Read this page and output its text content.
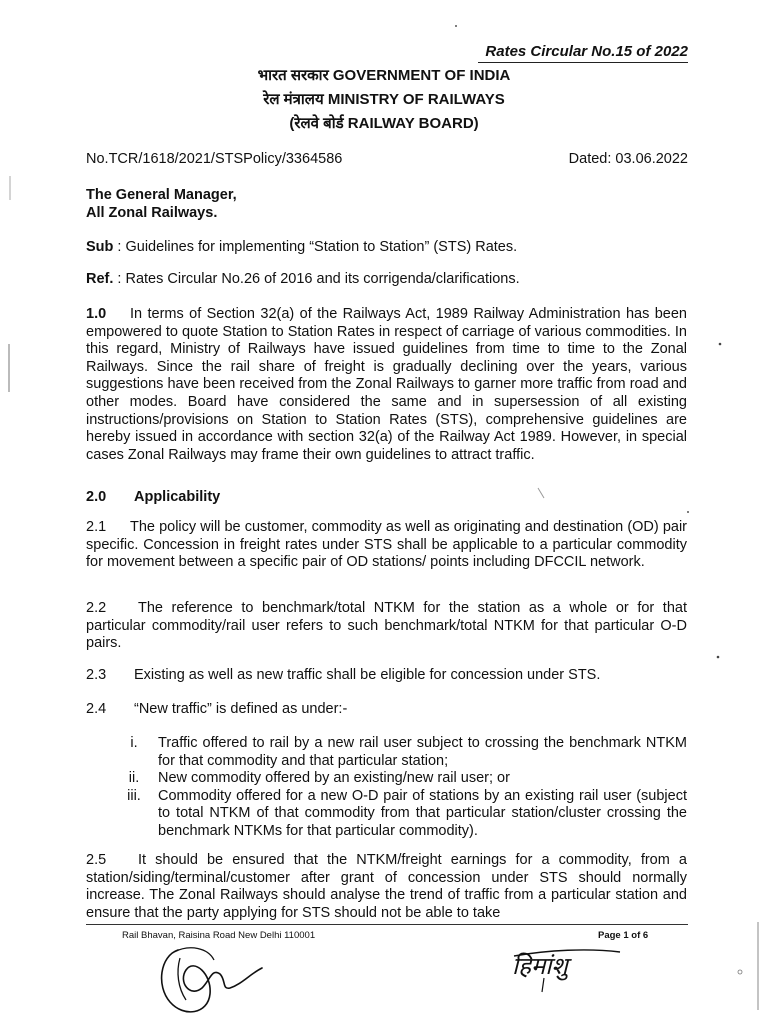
Rates Circular No.15 of 2022
भारत सरकार GOVERNMENT OF INDIA
रेल मंत्रालय MINISTRY OF RAILWAYS
(रेलवे बोर्ड RAILWAY BOARD)
No.TCR/1618/2021/STSPolicy/3364586	Dated: 03.06.2022
The General Manager,
All Zonal Railways.
Sub : Guidelines for implementing “Station to Station” (STS) Rates.
Ref. : Rates Circular No.26 of 2016 and its corrigenda/clarifications.
1.0 In terms of Section 32(a) of the Railways Act, 1989 Railway Administration has been empowered to quote Station to Station Rates in respect of carriage of various commodities. In this regard, Ministry of Railways have issued guidelines from time to time to the Zonal Railways. Since the rail share of freight is gradually declining over the years, various suggestions have been received from the Zonal Railways to garner more traffic from road and other modes. Board have considered the same and in supersession of all existing instructions/provisions on Station to Station Rates (STS), comprehensive guidelines are hereby issued in accordance with section 32(a) of the Railway Act 1989. However, in special cases Zonal Railways may frame their own guidelines to attract traffic.
2.0 Applicability
2.1 The policy will be customer, commodity as well as originating and destination (OD) pair specific. Concession in freight rates under STS shall be applicable to a particular commodity for movement between a specific pair of OD stations/ points including DFCCIL network.
2.2 The reference to benchmark/total NTKM for the station as a whole or for that particular commodity/rail user refers to such benchmark/total NTKM for that particular O-D pairs.
2.3 Existing as well as new traffic shall be eligible for concession under STS.
2.4 “New traffic” is defined as under:-
i.	Traffic offered to rail by a new rail user subject to crossing the benchmark NTKM for that commodity and that particular station;
ii.	New commodity offered by an existing/new rail user; or
iii.	Commodity offered for a new O-D pair of stations by an existing rail user (subject to total NTKM of that commodity from that particular station/cluster crossing the benchmark NTKMs for that particular commodity).
2.5 It should be ensured that the NTKM/freight earnings for a commodity, from a station/siding/terminal/customer after grant of concession under STS should normally increase. The Zonal Railways should analyse the trend of traffic from a particular station and ensure that the party applying for STS should not be able to take
Rail Bhavan, Raisina Road New Delhi 110001	Page 1 of 6
हिमांशु
